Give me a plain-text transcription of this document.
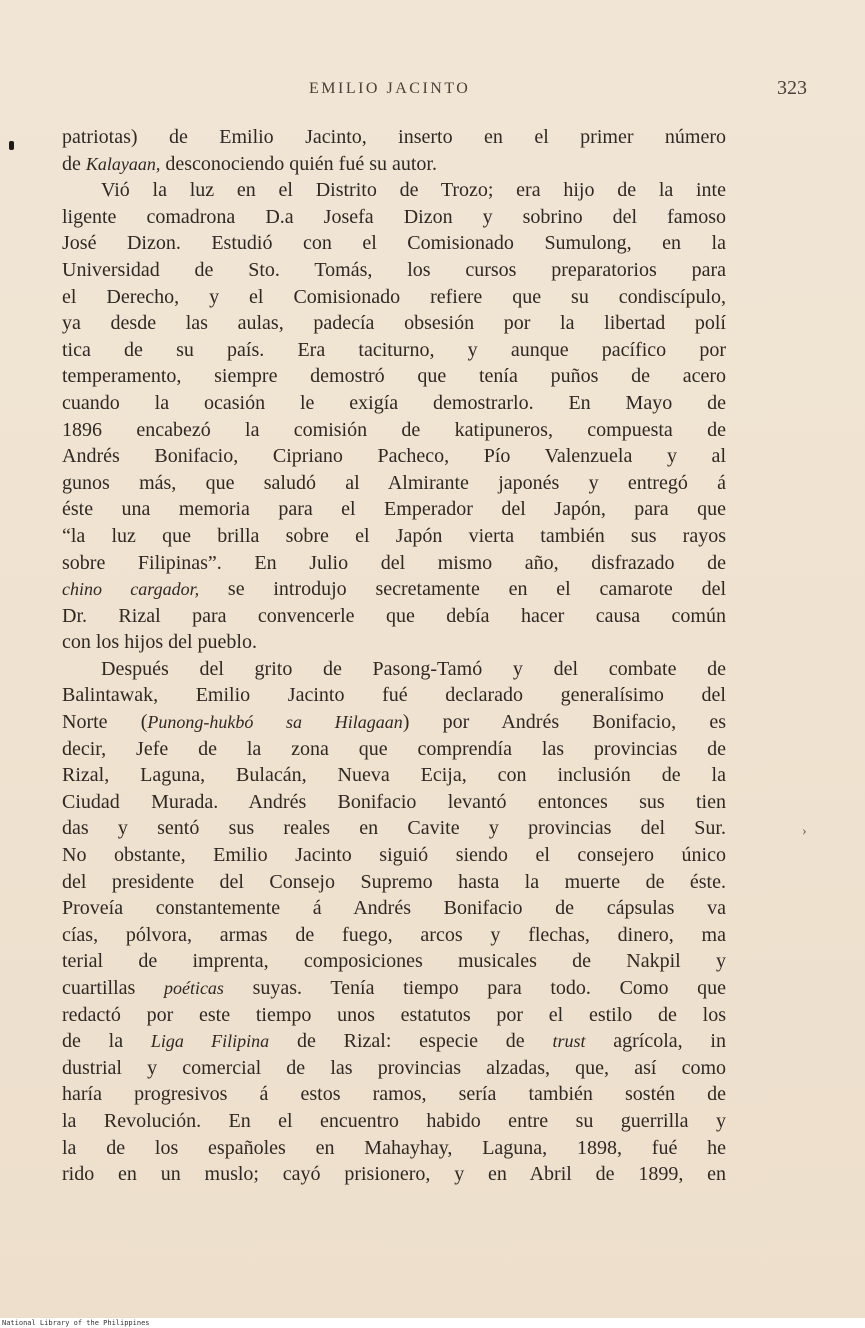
EMILIO JACINTO	323
›
patriotas) de Emilio Jacinto, inserto en el primer número
de Kalayaan, desconociendo quién fué su autor.
Vió la luz en el Distrito de Trozo; era hijo de la inte
ligente comadrona D.a Josefa Dizon y sobrino del famoso
José Dizon. Estudió con el Comisionado Sumulong, en la
Universidad de Sto. Tomás, los cursos preparatorios para
el Derecho, y el Comisionado refiere que su condiscípulo,
ya desde las aulas, padecía obsesión por la libertad polí
tica de su país. Era taciturno, y aunque pacífico por
temperamento, siempre demostró que tenía puños de acero
cuando la ocasión le exigía demostrarlo. En Mayo de
1896 encabezó la comisión de katipuneros, compuesta de
Andrés Bonifacio, Cipriano Pacheco, Pío Valenzuela y al
gunos más, que saludó al Almirante japonés y entregó á
éste una memoria para el Emperador del Japón, para que
“la luz que brilla sobre el Japón vierta también sus rayos
sobre Filipinas”. En Julio del mismo año, disfrazado de
chino cargador, se introdujo secretamente en el camarote del
Dr. Rizal para convencerle que debía hacer causa común
con los hijos del pueblo.
Después del grito de Pasong-Tamó y del combate de
Balintawak, Emilio Jacinto fué declarado generalísimo del
Norte (Punong-hukbó sa Hilagaan) por Andrés Bonifacio, es
decir, Jefe de la zona que comprendía las provincias de
Rizal, Laguna, Bulacán, Nueva Ecija, con inclusión de la
Ciudad Murada. Andrés Bonifacio levantó entonces sus tien
das y sentó sus reales en Cavite y provincias del Sur.
No obstante, Emilio Jacinto siguió siendo el consejero único
del presidente del Consejo Supremo hasta la muerte de éste.
Proveía constantemente á Andrés Bonifacio de cápsulas va
cías, pólvora, armas de fuego, arcos y flechas, dinero, ma
terial de imprenta, composiciones musicales de Nakpil y
cuartillas poéticas suyas. Tenía tiempo para todo. Como que
redactó por este tiempo unos estatutos por el estilo de los
de la Liga Filipina de Rizal: especie de trust agrícola, in
dustrial y comercial de las provincias alzadas, que, así como
haría progresivos á estos ramos, sería también sostén de
la Revolución. En el encuentro habido entre su guerrilla y
la de los españoles en Mahayhay, Laguna, 1898, fué he
rido en un muslo; cayó prisionero, y en Abril de 1899, en
National Library of the Philippines
